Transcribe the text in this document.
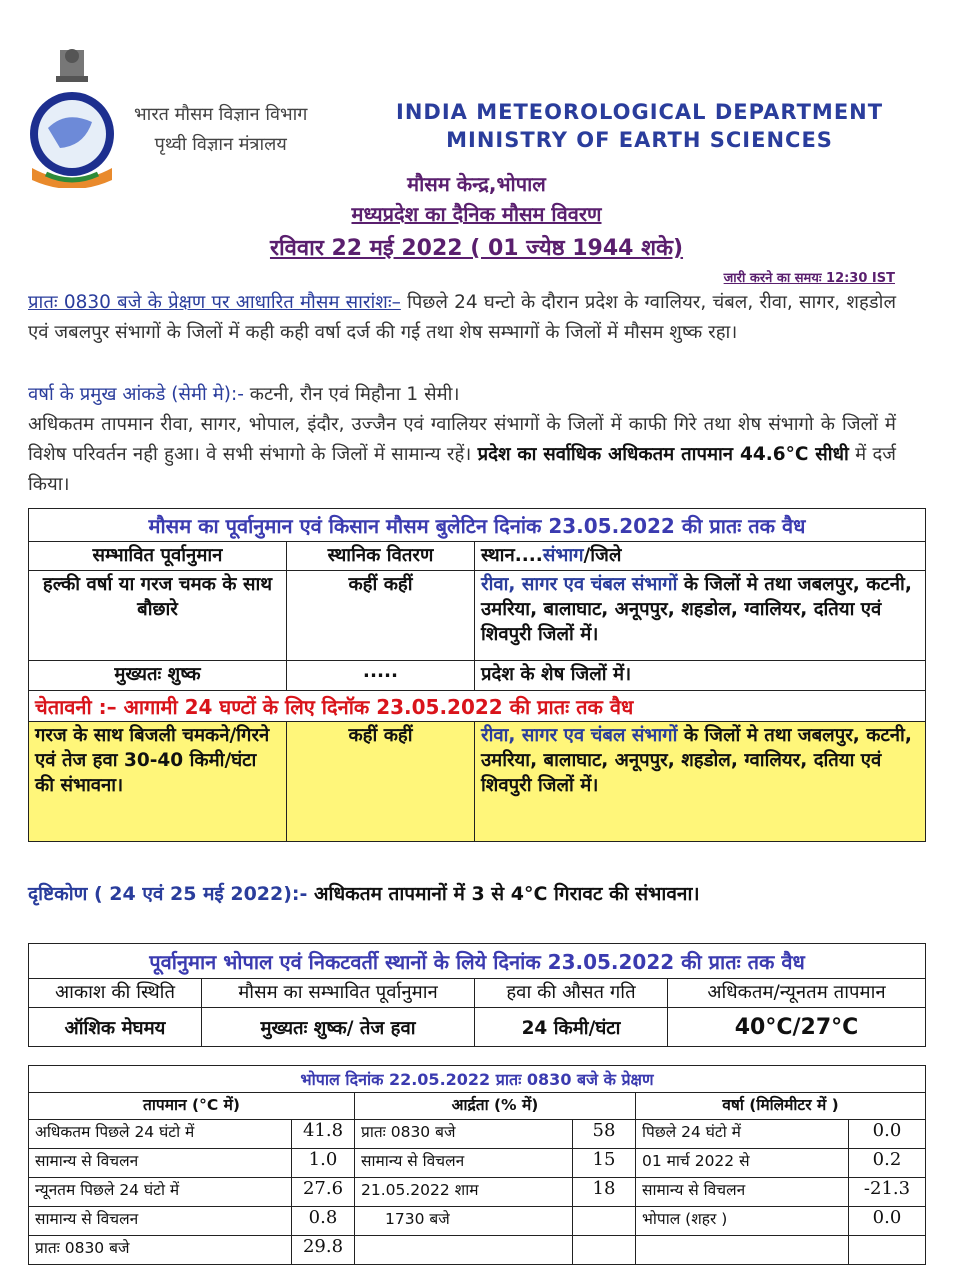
भारत मौसम विज्ञान विभाग
पृथ्वी विज्ञान मंत्रालय
INDIA METEOROLOGICAL DEPARTMENT
MINISTRY OF EARTH SCIENCES
मौसम केन्द्र,भोपाल
मध्यप्रदेश का दैनिक मौसम विवरण
रविवार 22 मई 2022 ( 01 ज्येष्ठ 1944 शके)
जारी करने का समयः 12:30 IST
प्रातः 0830 बजे के प्रेक्षण पर आधारित मौसम सारांशः– पिछले 24 घन्टो के दौरान प्रदेश के ग्वालियर, चंबल, रीवा, सागर, शहडोल एवं जबलपुर संभागों के जिलों में कही कही वर्षा दर्ज की गई तथा शेष सम्भागों के जिलों में मौसम शुष्क रहा।
वर्षा के प्रमुख आंकडे (सेमी मे):- कटनी, रौन एवं मिहौना 1 सेमी।
अधिकतम तापमान रीवा, सागर, भोपाल, इंदौर, उज्जैन एवं ग्वालियर संभागों के जिलों में काफी गिरे तथा शेष संभागो के जिलों में विशेष परिवर्तन नही हुआ। वे सभी संभागो के जिलों में सामान्य रहें। प्रदेश का सर्वाधिक अधिकतम तापमान 44.6°C सीधी में दर्ज किया।
मौसम का पूर्वानुमान एवं किसान मौसम बुलेटिन दिनांक 23.05.2022 की प्रातः तक वैध		
सम्भावित पूर्वानुमान	स्थानिक वितरण	स्थान....संभाग/जिले
हल्की वर्षा या गरज चमक के साथ बौछारे	कहीं कहीं	रीवा, सागर एव चंबल संभागों के जिलों मे तथा जबलपुर, कटनी, उमरिया, बालाघाट, अनूपपुर, शहडोल, ग्वालियर, दतिया एवं शिवपुरी जिलों में।
मुख्यतः शुष्क	.....	प्रदेश के शेष जिलों में।
चेतावनी :– आगामी 24 घण्टों के लिए दिनॉक 23.05.2022 की प्रातः तक वैध		
गरज के साथ बिजली चमकने/गिरने एवं तेज हवा 30-40 किमी/घंटा की संभावना।	कहीं कहीं	रीवा, सागर एव चंबल संभागों के जिलों मे तथा जबलपुर, कटनी, उमरिया, बालाघाट, अनूपपुर, शहडोल, ग्वालियर, दतिया एवं शिवपुरी जिलों में।
दृष्टिकोण ( 24 एवं 25 मई 2022):- अधिकतम तापमानों में 3 से 4°C गिरावट की संभावना।
पूर्वानुमान भोपाल एवं निकटवर्ती स्थानों के लिये दिनांक 23.05.2022 की प्रातः तक वैध			
आकाश की स्थिति	मौसम का सम्भावित पूर्वानुमान	हवा की औसत गति	अधिकतम/न्यूनतम तापमान
ऑशिक मेघमय	मुख्यतः शुष्क/ तेज हवा	24 किमी/घंटा	40°C/27°C
भोपाल दिनांक 22.05.2022 प्रातः 0830 बजे के प्रेक्षण					
तापमान (°C में)		आर्द्रता (% में)		वर्षा (मिलिमीटर में )	
अधिकतम पिछले 24 घंटो में	41.8	प्रातः 0830 बजे	58	पिछले 24 घंटो में	0.0
सामान्य से विचलन	1.0	सामान्य से विचलन	15	01 मार्च 2022 से	0.2
न्यूनतम पिछले 24 घंटो में	27.6	21.05.2022 शाम	18	सामान्य से विचलन	-21.3
सामान्य से विचलन	0.8	1730 बजे		भोपाल (शहर )	0.0
प्रातः 0830 बजे	29.8				
